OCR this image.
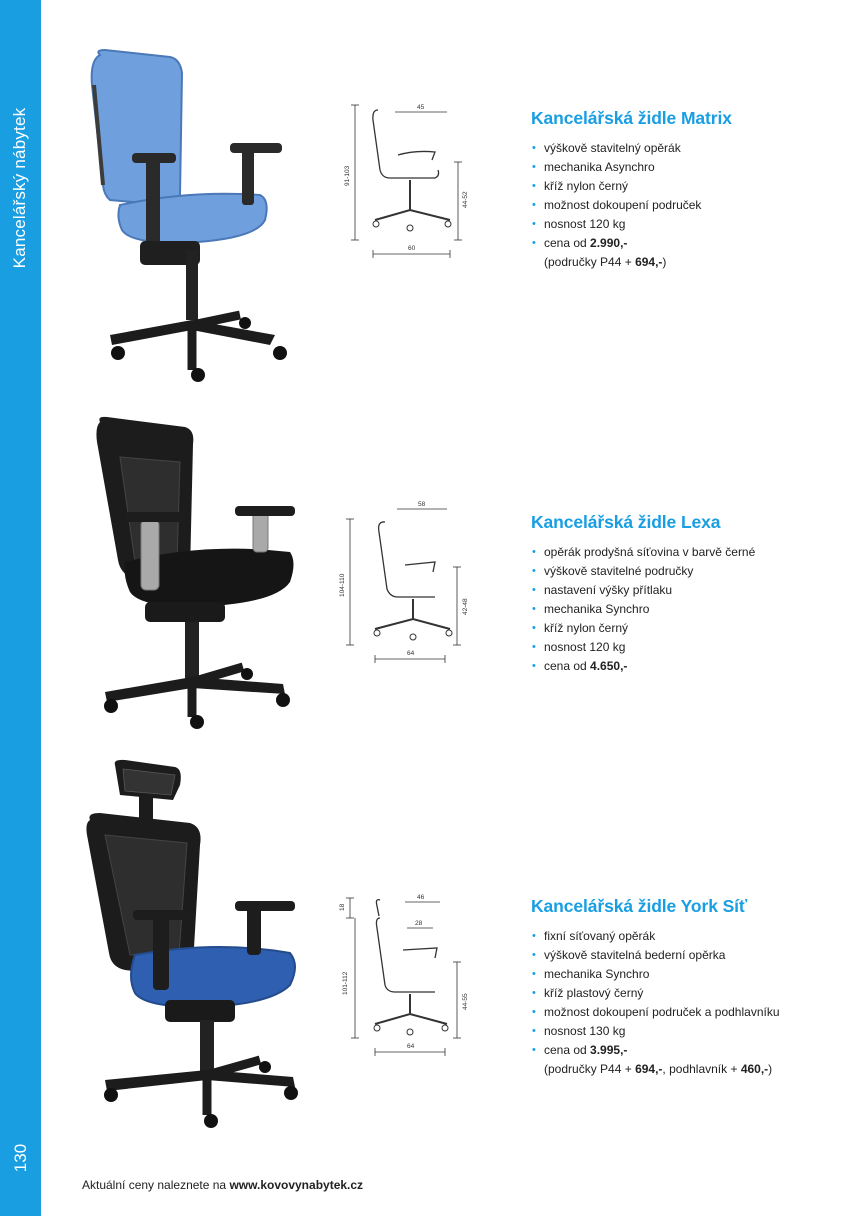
Kancelářský nábytek
130
91-103
45
44-52
60
Kancelářská židle Matrix
• výškově stavitelný opěrák
• mechanika Asynchro
• kříž nylon černý
• možnost dokoupení područek
• nosnost 120 kg
• cena od 2.990,-
(područky P44 + 694,-)
104-110
58
42-48
64
Kancelářská židle Lexa
• opěrák prodyšná síťovina v barvě černé
• výškově stavitelné područky
• nastavení výšky přítlaku
• mechanika Synchro
• kříž nylon černý
• nosnost 120 kg
• cena od 4.650,-
18
101-112
46
28
44-55
64
Kancelářská židle York Síť
• fixní síťovaný opěrák
• výškově stavitelná bederní opěrka
• mechanika Synchro
• kříž plastový černý
• možnost dokoupení područek a podhlavníku
• nosnost 130 kg
• cena od 3.995,-
(područky P44 + 694,-, podhlavník + 460,-)
Aktuální ceny naleznete na www.kovovynabytek.cz
